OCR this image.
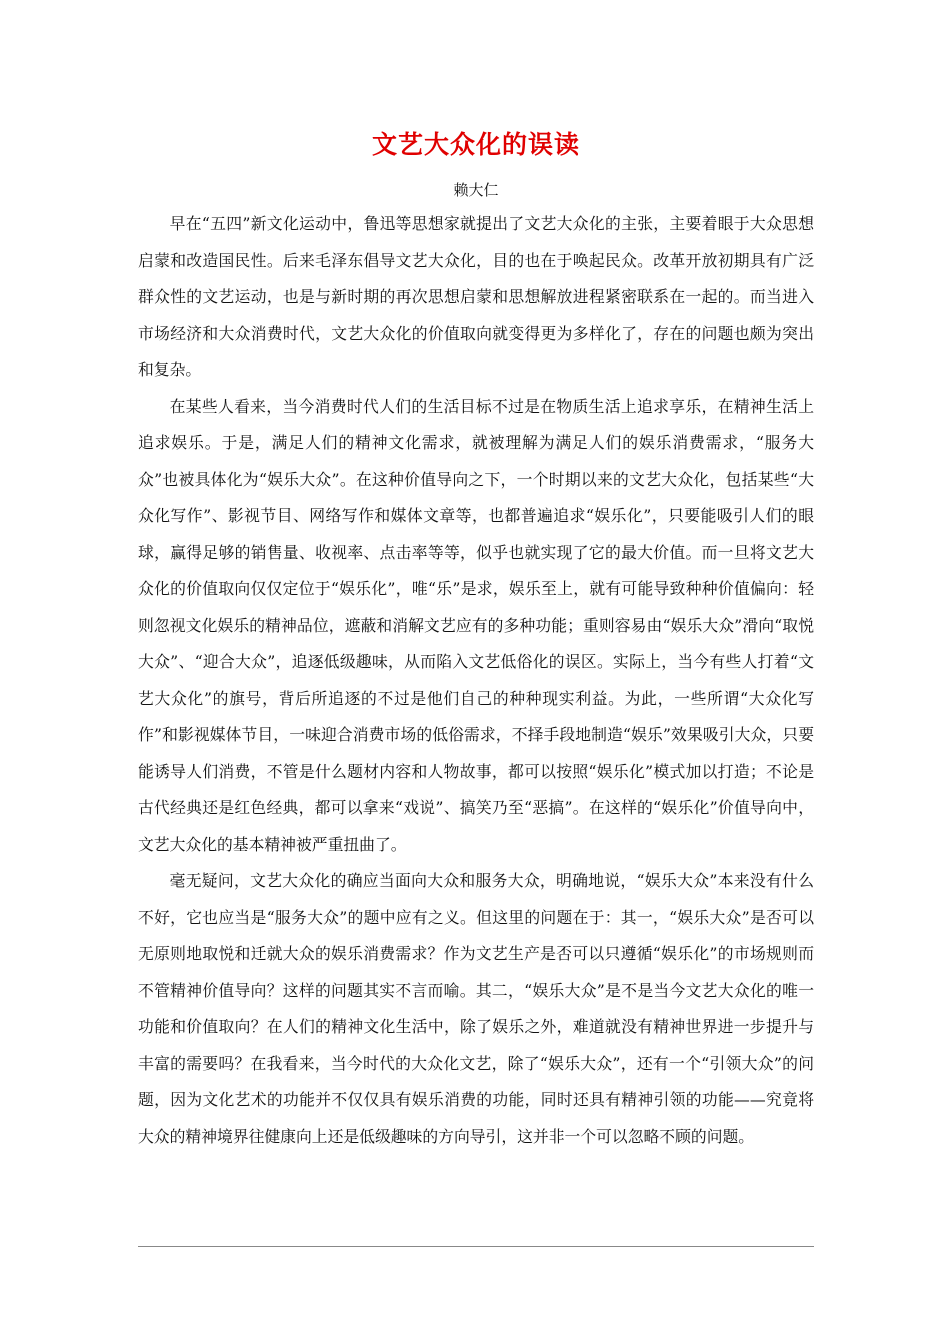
文艺大众化的误读
赖大仁

早在“五四”新文化运动中，鲁迅等思想家就提出了文艺大众化的主张，主要着眼于大众思想启蒙和改造国民性。后来毛泽东倡导文艺大众化，目的也在于唤起民众。改革开放初期具有广泛群众性的文艺运动，也是与新时期的再次思想启蒙和思想解放进程紧密联系在一起的。而当进入市场经济和大众消费时代，文艺大众化的价值取向就变得更为多样化了，存在的问题也颇为突出和复杂。

在某些人看来，当今消费时代人们的生活目标不过是在物质生活上追求享乐，在精神生活上追求娱乐。于是，满足人们的精神文化需求，就被理解为满足人们的娱乐消费需求，“服务大众”也被具体化为“娱乐大众”。在这种价值导向之下，一个时期以来的文艺大众化，包括某些“大众化写作”、影视节目、网络写作和媒体文章等，也都普遍追求“娱乐化”，只要能吸引人们的眼球，赢得足够的销售量、收视率、点击率等等，似乎也就实现了它的最大价值。而一旦将文艺大众化的价值取向仅仅定位于“娱乐化”，唯“乐”是求，娱乐至上，就有可能导致种种价值偏向：轻则忽视文化娱乐的精神品位，遮蔽和消解文艺应有的多种功能；重则容易由“娱乐大众”滑向“取悦大众”、“迎合大众”，追逐低级趣味，从而陷入文艺低俗化的误区。实际上，当今有些人打着“文艺大众化”的旗号，背后所追逐的不过是他们自己的种种现实利益。为此，一些所谓“大众化写作”和影视媒体节目，一味迎合消费市场的低俗需求，不择手段地制造“娱乐”效果吸引大众，只要能诱导人们消费，不管是什么题材内容和人物故事，都可以按照“娱乐化”模式加以打造；不论是古代经典还是红色经典，都可以拿来“戏说”、搞笑乃至“恶搞”。在这样的“娱乐化”价值导向中，文艺大众化的基本精神被严重扭曲了。

毫无疑问，文艺大众化的确应当面向大众和服务大众，明确地说，“娱乐大众”本来没有什么不好，它也应当是“服务大众”的题中应有之义。但这里的问题在于：其一，“娱乐大众”是否可以无原则地取悦和迁就大众的娱乐消费需求？作为文艺生产是否可以只遵循“娱乐化”的市场规则而不管精神价值导向？这样的问题其实不言而喻。其二，“娱乐大众”是不是当今文艺大众化的唯一功能和价值取向？在人们的精神文化生活中，除了娱乐之外，难道就没有精神世界进一步提升与丰富的需要吗？在我看来，当今时代的大众化文艺，除了“娱乐大众”，还有一个“引领大众”的问题，因为文化艺术的功能并不仅仅具有娱乐消费的功能，同时还具有精神引领的功能——究竟将大众的精神境界往健康向上还是低级趣味的方向导引，这并非一个可以忽略不顾的问题。
